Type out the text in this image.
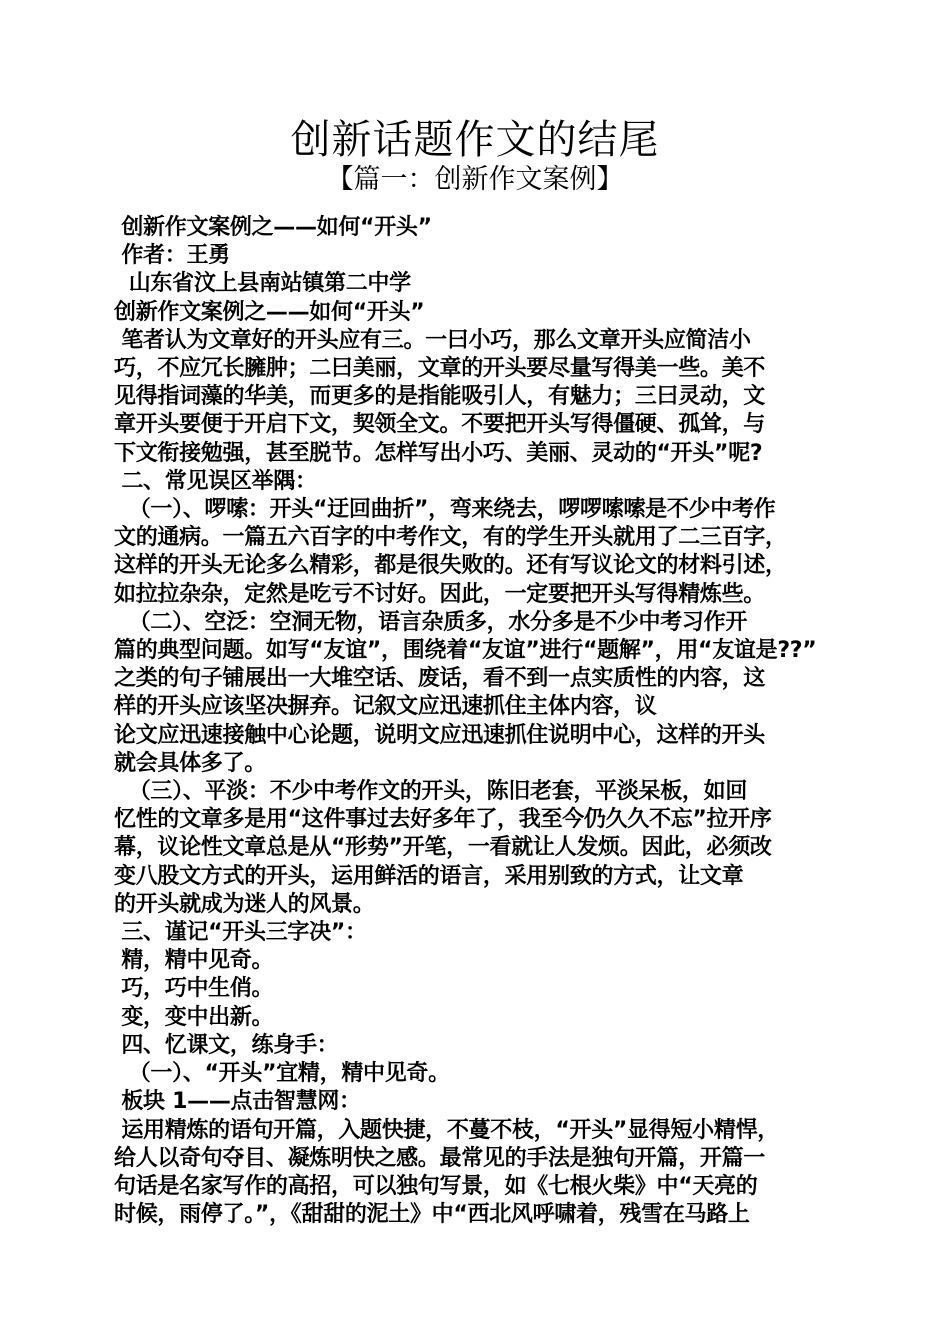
创新话题作文的结尾
【篇一：创新作文案例】
创新作文案例之——如何“开头”
作者：王勇
山东省汶上县南站镇第二中学
创新作文案例之——如何“开头”
笔者认为文章好的开头应有三。一曰小巧，那么文章开头应简洁小
巧，不应冗长臃肿；二曰美丽，文章的开头要尽量写得美一些。美不
见得指词藻的华美，而更多的是指能吸引人，有魅力；三曰灵动，文
章开头要便于开启下文，契领全文。不要把开头写得僵硬、孤耸，与
下文衔接勉强，甚至脱节。怎样写出小巧、美丽、灵动的“开头”呢?
二、常见误区举隅：
（一）、啰嗦：开头“迂回曲折”，弯来绕去，啰啰嗦嗦是不少中考作
文的通病。一篇五六百字的中考作文，有的学生开头就用了二三百字，
这样的开头无论多么精彩，都是很失败的。还有写议论文的材料引述，
如拉拉杂杂，定然是吃亏不讨好。因此，一定要把开头写得精炼些。
（二）、空泛：空洞无物，语言杂质多，水分多是不少中考习作开
篇的典型问题。如写“友谊”，围绕着“友谊”进行“题解”，用“友谊是??”
之类的句子铺展出一大堆空话、废话，看不到一点实质性的内容，这
样的开头应该坚决摒弃。记叙文应迅速抓住主体内容，议
论文应迅速接触中心论题，说明文应迅速抓住说明中心，这样的开头
就会具体多了。
（三）、平淡：不少中考作文的开头，陈旧老套，平淡呆板，如回
忆性的文章多是用“这件事过去好多年了，我至今仍久久不忘”拉开序
幕，议论性文章总是从“形势”开笔，一看就让人发烦。因此，必须改
变八股文方式的开头，运用鲜活的语言，采用别致的方式，让文章
的开头就成为迷人的风景。
三、谨记“开头三字决”：
精，精中见奇。
巧，巧中生俏。
变，变中出新。
四、忆课文，练身手：
（一）、“开头”宜精，精中见奇。
板块 1——点击智慧网：
运用精炼的语句开篇，入题快捷，不蔓不枝，“开头”显得短小精悍，
给人以奇句夺目、凝炼明快之感。最常见的手法是独句开篇，开篇一
句话是名家写作的高招，可以独句写景，如《七根火柴》中“天亮的
时候，雨停了。”，《甜甜的泥土》中“西北风呼啸着，残雪在马路上
